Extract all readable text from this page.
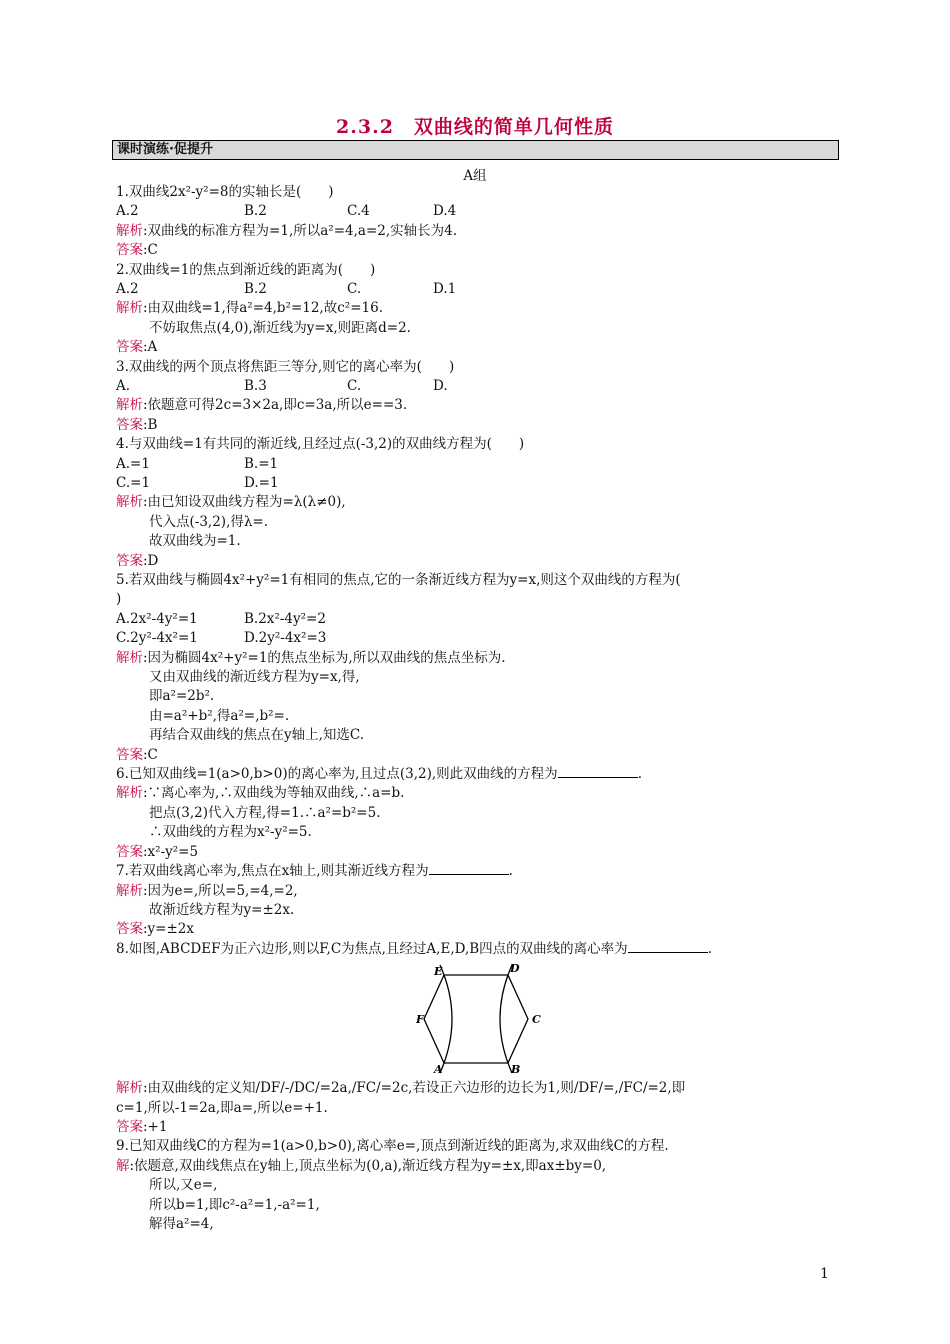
2.3.2　双曲线的简单几何性质
课时演练·促提升
A组
1.双曲线2x²-y²=8的实轴长是(　　)
A.2	B.2	C.4	D.4
解析:双曲线的标准方程为=1,所以a²=4,a=2,实轴长为4.
答案:C
2.双曲线=1的焦点到渐近线的距离为(　　)
A.2	B.2	C.	D.1
解析:由双曲线=1,得a²=4,b²=12,故c²=16.
不妨取焦点(4,0),渐近线为y=x,则距离d=2.
答案:A
3.双曲线的两个顶点将焦距三等分,则它的离心率为(　　)
A.	B.3	C.	D.
解析:依题意可得2c=3×2a,即c=3a,所以e==3.
答案:B
4.与双曲线=1有共同的渐近线,且经过点(-3,2)的双曲线方程为(　　)
A.=1	B.=1
C.=1	D.=1
解析:由已知设双曲线方程为=λ(λ≠0),
代入点(-3,2),得λ=.
故双曲线为=1.
答案:D
5.若双曲线与椭圆4x²+y²=1有相同的焦点,它的一条渐近线方程为y=x,则这个双曲线的方程为(
)
A.2x²-4y²=1	B.2x²-4y²=2
C.2y²-4x²=1	D.2y²-4x²=3
解析:因为椭圆4x²+y²=1的焦点坐标为,所以双曲线的焦点坐标为.
又由双曲线的渐近线方程为y=x,得,
即a²=2b².
由=a²+b²,得a²=,b²=.
再结合双曲线的焦点在y轴上,知选C.
答案:C
6.已知双曲线=1(a>0,b>0)的离心率为,且过点(3,2),则此双曲线的方程为	.
解析:∵离心率为,∴双曲线为等轴双曲线,∴a=b.
把点(3,2)代入方程,得=1.∴a²=b²=5.
∴双曲线的方程为x²-y²=5.
答案:x²-y²=5
7.若双曲线离心率为,焦点在x轴上,则其渐近线方程为	.
解析:因为e=,所以=5,=4,=2,
故渐近线方程为y=±2x.
答案:y=±2x
8.如图,ABCDEF为正六边形,则以F,C为焦点,且经过A,E,D,B四点的双曲线的离心率为	.
E	D
F	C
A	B
解析:由双曲线的定义知/DF/-/DC/=2a,/FC/=2c,若设正六边形的边长为1,则/DF/=,/FC/=2,即
c=1,所以-1=2a,即a=,所以e=+1.
答案:+1
9.已知双曲线C的方程为=1(a>0,b>0),离心率e=,顶点到渐近线的距离为,求双曲线C的方程.
解:依题意,双曲线焦点在y轴上,顶点坐标为(0,a),渐近线方程为y=±x,即ax±by=0,
所以,又e=,
所以b=1,即c²-a²=1,-a²=1,
解得a²=4,
1
